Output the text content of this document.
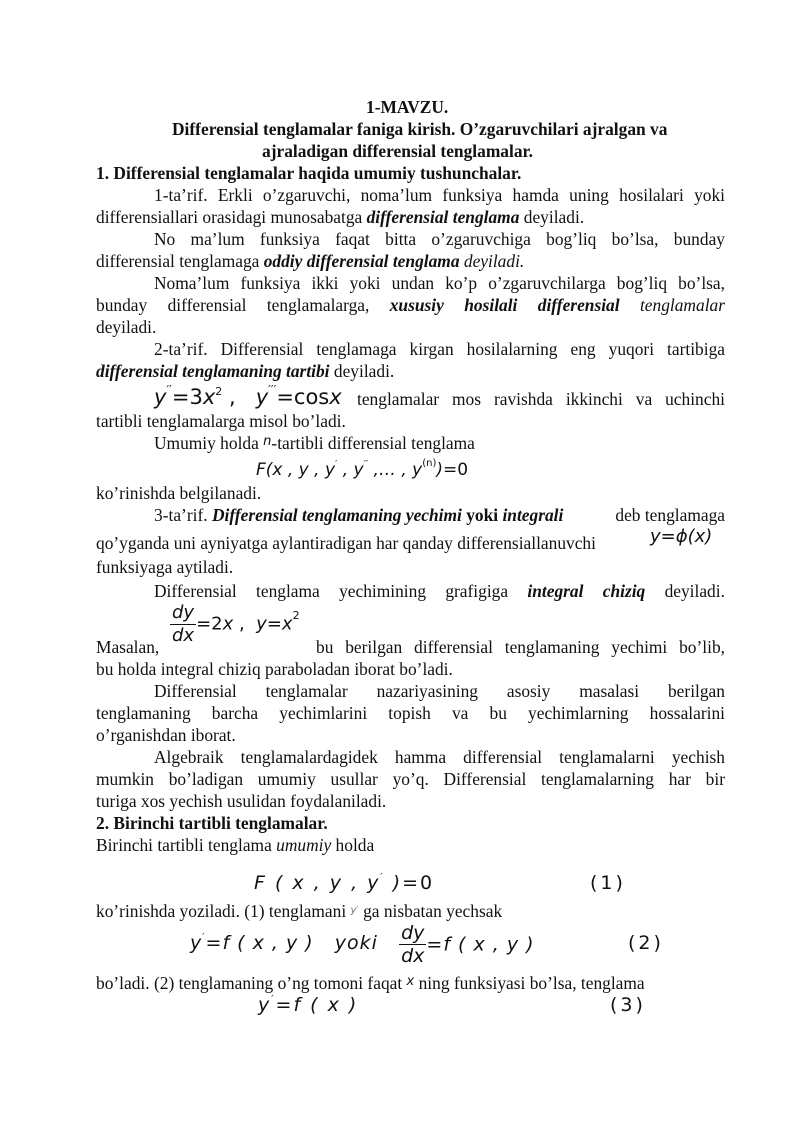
1-MAVZU.
Differensial tenglamalar faniga kirish. O’zgaruvchilari ajralgan va
ajraladigan differensial tenglamalar.
1. Differensial tenglamalar haqida umumiy tushunchalar.
1-ta’rif. Erkli o’zgaruvchi, noma’lum funksiya hamda uning hosilalari yoki
differensiallari orasidagi munosabatga differensial tenglama deyiladi.
No ma’lum funksiya faqat bitta o’zgaruvchiga bog’liq bo’lsa, bunday
differensial tenglamaga oddiy differensial tenglama deyiladi.
Noma’lum funksiya ikki yoki undan ko’p o’zgaruvchilarga bog’liq bo’lsa,
bunday differensial tenglamalarga, xususiy hosilali differensial tenglamalar
deyiladi.
2-ta’rif. Differensial tenglamaga kirgan hosilalarning eng yuqori tartibiga
differensial tenglamaning tartibi deyiladi.
$y''=3x^2$ ,   y′′′=cosx tenglamalar mos ravishda ikkinchi va uchinchi
tartibli tenglamalarga misol bo’ladi.
Umumiy holda $^n$-tartibli differensial tenglama
F(x , y , y′ , y′′ ,… , $y^{(n)})=0$
ko’rinishda belgilanadi.
3-ta’rif. Differensial tenglamaning yechimi yoki integrali	deb tenglamaga
qo’yganda uni ayniyatga aylantiradigan har qanday differensiallanuvchi	y=ϕ(x)
funksiyaga aytiladi.
Differensial tenglama yechimining grafigiga integral chiziq deyiladi.
$\frac{dy}{dx} =2x$ ,  $y=x^2$
Masalan,	bu berilgan differensial tenglamaning yechimi bo’lib,
bu holda integral chiziq paraboladan iborat bo’ladi.
Differensial tenglamalar nazariyasining asosiy masalasi berilgan
tenglamaning barcha yechimlarini topish va bu yechimlarning hossalarini
o’rganishdan iborat.
Algebraik tenglamalardagidek hamma differensial tenglamalarni yechish
mumkin bo’ladigan umumiy usullar yo’q. Differensial tenglamalarning har bir
turiga xos yechish usulidan foydalaniladi.
2. Birinchi tartibli tenglamalar.
Birinchi tartibli tenglama umumiy holda
F ( x , y , y′ )=0	(1)
ko’rinishda yoziladi. (1) tenglamani $^{y'}$ ga nisbatan yechsak
y′=f ( x , y )   yoki $\frac{dy}{dx} =f$ ( x , y )	(2)
bo’ladi. (2) tenglamaning o’ng tomoni faqat $^x$ ning funksiyasi bo’lsa, tenglama
y′=f ( x )	(3)
